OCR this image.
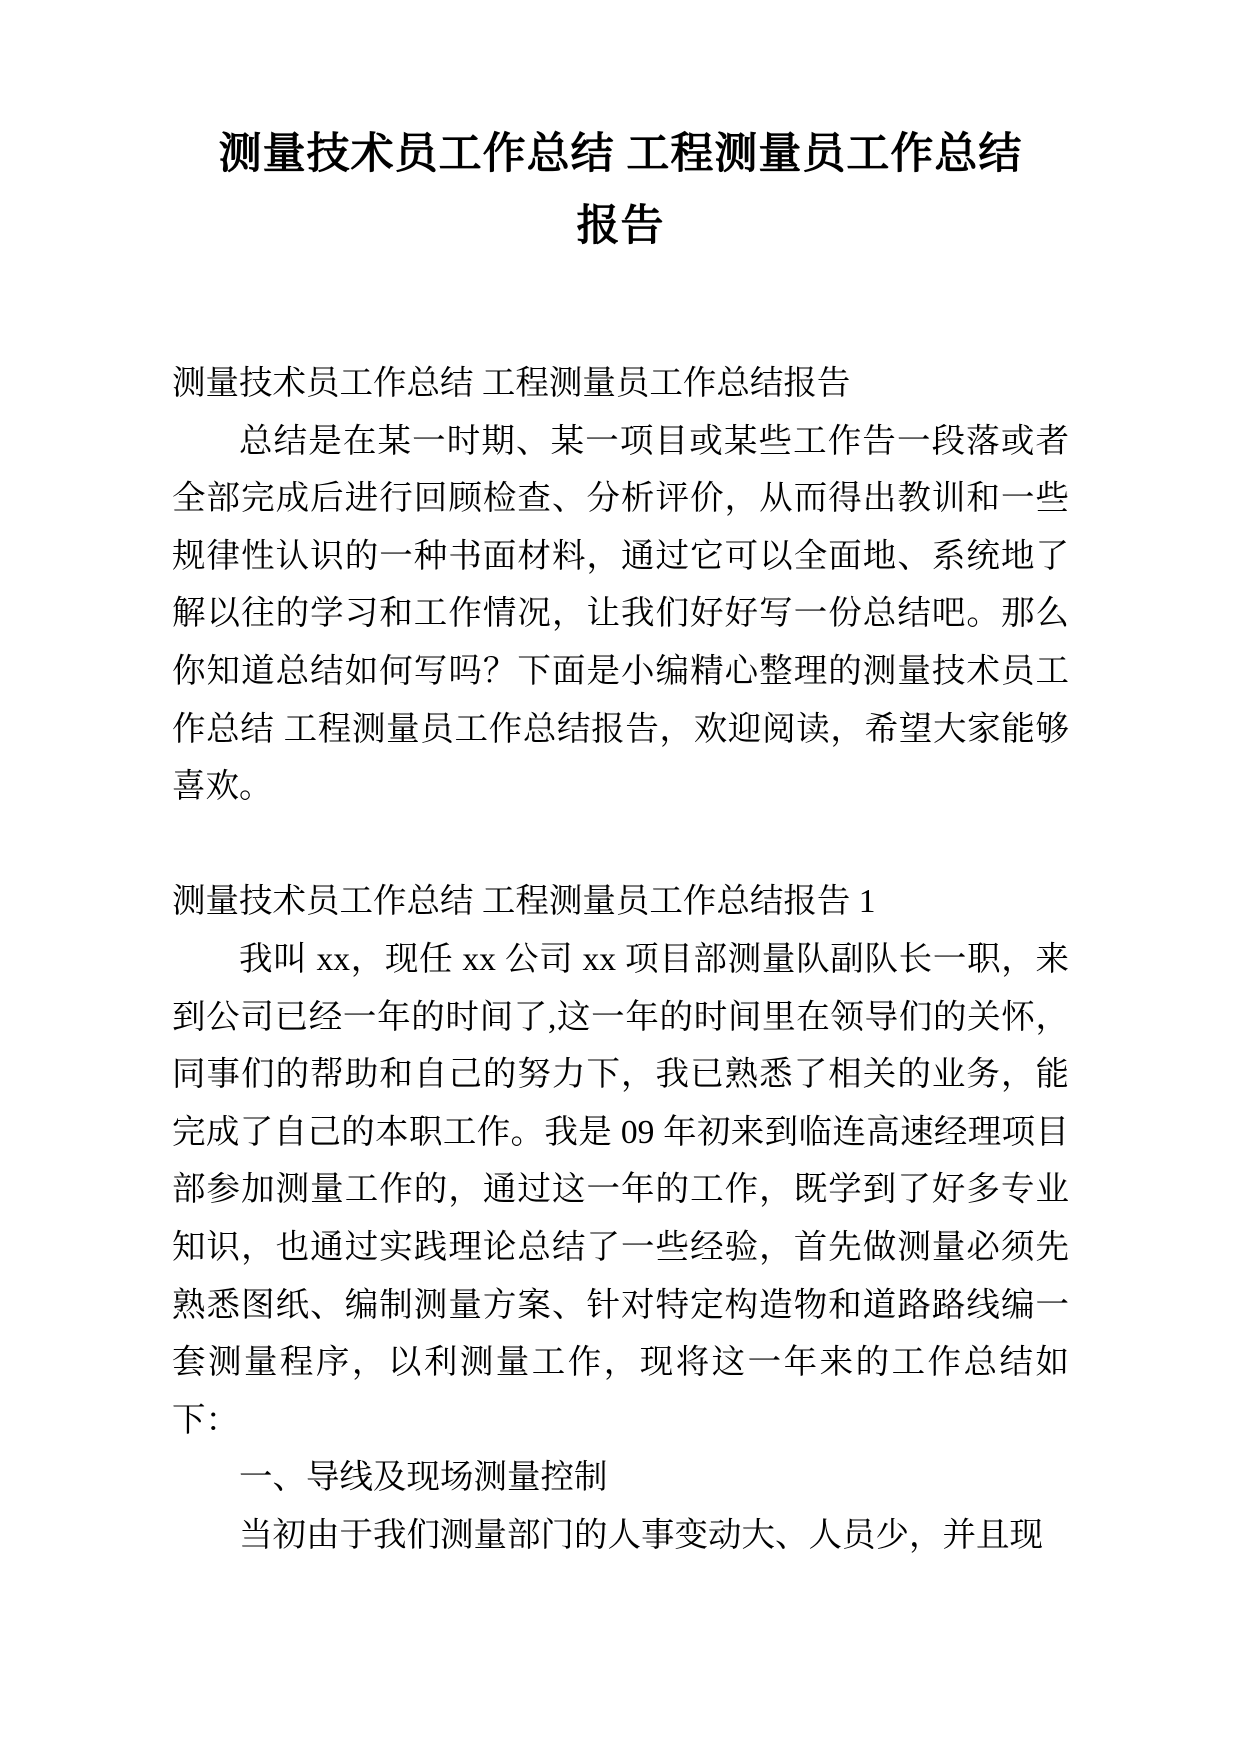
测量技术员工作总结 工程测量员工作总结
报告

测量技术员工作总结 工程测量员工作总结报告

总结是在某一时期、某一项目或某些工作告一段落或者全部完成后进行回顾检查、分析评价，从而得出教训和一些规律性认识的一种书面材料，通过它可以全面地、系统地了解以往的学习和工作情况，让我们好好写一份总结吧。那么你知道总结如何写吗？下面是小编精心整理的测量技术员工作总结 工程测量员工作总结报告，欢迎阅读，希望大家能够喜欢。

测量技术员工作总结 工程测量员工作总结报告 1

我叫 xx，现任 xx 公司 xx 项目部测量队副队长一职，来到公司已经一年的时间了,这一年的时间里在领导们的关怀，同事们的帮助和自己的努力下，我已熟悉了相关的业务，能完成了自己的本职工作。我是 09 年初来到临连高速经理项目部参加测量工作的，通过这一年的工作，既学到了好多专业知识，也通过实践理论总结了一些经验，首先做测量必须先熟悉图纸、编制测量方案、针对特定构造物和道路路线编一套测量程序，以利测量工作，现将这一年来的工作总结如下：

一、导线及现场测量控制

当初由于我们测量部门的人事变动大、人员少，并且现
